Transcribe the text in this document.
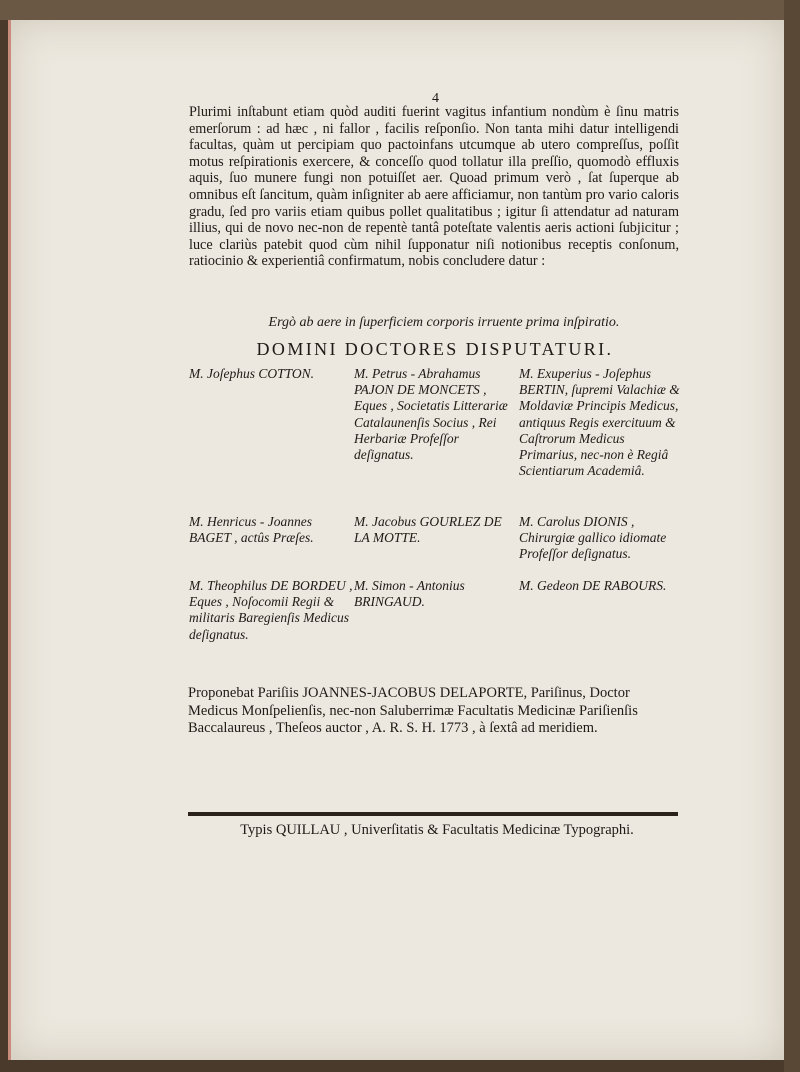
4
Plurimi inſtabunt etiam quòd auditi fuerint vagitus infantium nondùm è ſinu matris emerſorum : ad hæc , ni fallor , facilis reſponſio. Non tanta mihi datur intelligendi facultas, quàm ut percipiam quo pactoinfans utcumque ab utero compreſſus, poſſit motus reſpirationis exercere, & conceſſo quod tollatur illa preſſio, quomodò effluxis aquis, ſuo munere fungi non potuiſſet aer. Quoad primum verò , ſat ſuperque ab omnibus eſt ſancitum, quàm inſigniter ab aere afficiamur, non tantùm pro vario caloris gradu, ſed pro variis etiam quibus pollet qualitatibus ; igitur ſi attendatur ad naturam illius, qui de novo nec-non de repentè tantâ poteſtate valentis aeris actioni ſubjicitur ; luce clariùs patebit quod cùm nihil ſupponatur niſi notionibus receptis conſonum, ratiocinio & experientiâ confirmatum, nobis concludere datur :
Ergò ab aere in ſuperficiem corporis irruente prima inſpiratio.
DOMINI DOCTORES DISPUTATURI.
M. Joſephus COTTON.	M. Petrus - Abrahamus PAJON DE MONCETS , Eques , Societatis Litterariæ Catalaunenſis Socius , Rei Herbariæ Profeſſor deſignatus.
M. Exuperius - Joſephus BERTIN, ſupremi Valachiæ & Moldaviæ Principis Medicus, antiquus Regis exercituum & Caſtrorum Medicus Primarius, nec-non è Regiâ Scientiarum Academiâ.
M. Henricus - Joannes BAGET , actûs Præſes.
M. Jacobus GOURLEZ DE LA MOTTE.
M. Carolus DIONIS , Chirurgiæ gallico idiomate Profeſſor deſignatus.
M. Theophilus DE BORDEU , Eques , Noſocomii Regii & militaris Baregienſis Medicus deſignatus.
M. Simon - Antonius BRINGAUD.
M. Gedeon DE RABOURS.
Proponebat Pariſiis JOANNES-JACOBUS DELAPORTE, Pariſinus, Doctor Medicus Monſpelienſis, nec-non Saluberrimæ Facultatis Medicinæ Pariſienſis Baccalaureus , Theſeos auctor , A. R. S. H. 1773 , à ſextâ ad meridiem.
Typis QUILLAU , Univerſitatis & Facultatis Medicinæ Typographi.
